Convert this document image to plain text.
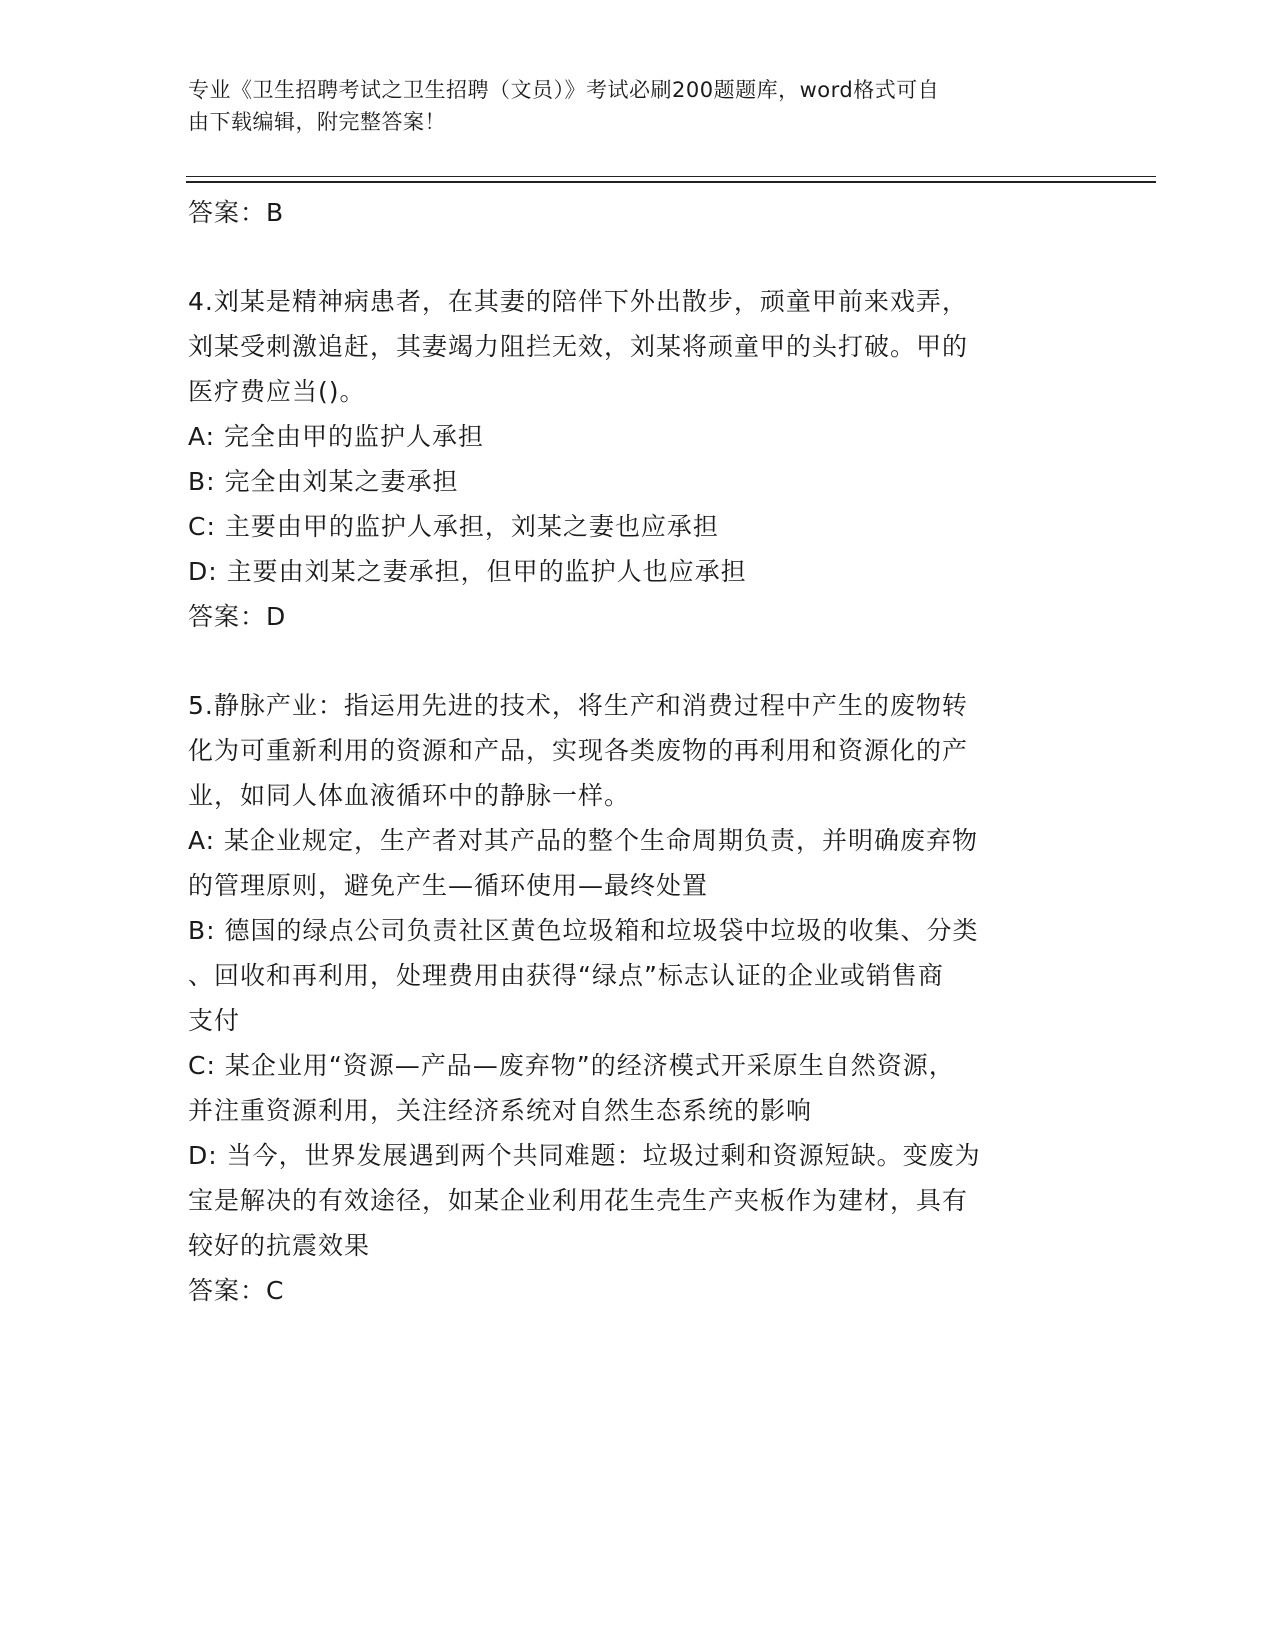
专业《卫生招聘考试之卫生招聘（文员）》考试必刷200题题库，word格式可自
由下载编辑，附完整答案！
答案：B
4.刘某是精神病患者，在其妻的陪伴下外出散步，顽童甲前来戏弄，
刘某受刺激追赶，其妻竭力阻拦无效，刘某将顽童甲的头打破。甲的
医疗费应当()。
A: 完全由甲的监护人承担
B: 完全由刘某之妻承担
C: 主要由甲的监护人承担，刘某之妻也应承担
D: 主要由刘某之妻承担，但甲的监护人也应承担
答案：D
5.静脉产业：指运用先进的技术，将生产和消费过程中产生的废物转
化为可重新利用的资源和产品，实现各类废物的再利用和资源化的产
业，如同人体血液循环中的静脉一样。
A: 某企业规定，生产者对其产品的整个生命周期负责，并明确废弃物
的管理原则，避免产生—循环使用—最终处置
B: 德国的绿点公司负责社区黄色垃圾箱和垃圾袋中垃圾的收集、分类
、回收和再利用，处理费用由获得“绿点”标志认证的企业或销售商
支付
C: 某企业用“资源—产品—废弃物”的经济模式开采原生自然资源，
并注重资源利用，关注经济系统对自然生态系统的影响
D: 当今，世界发展遇到两个共同难题：垃圾过剩和资源短缺。变废为
宝是解决的有效途径，如某企业利用花生壳生产夹板作为建材，具有
较好的抗震效果
答案：C
